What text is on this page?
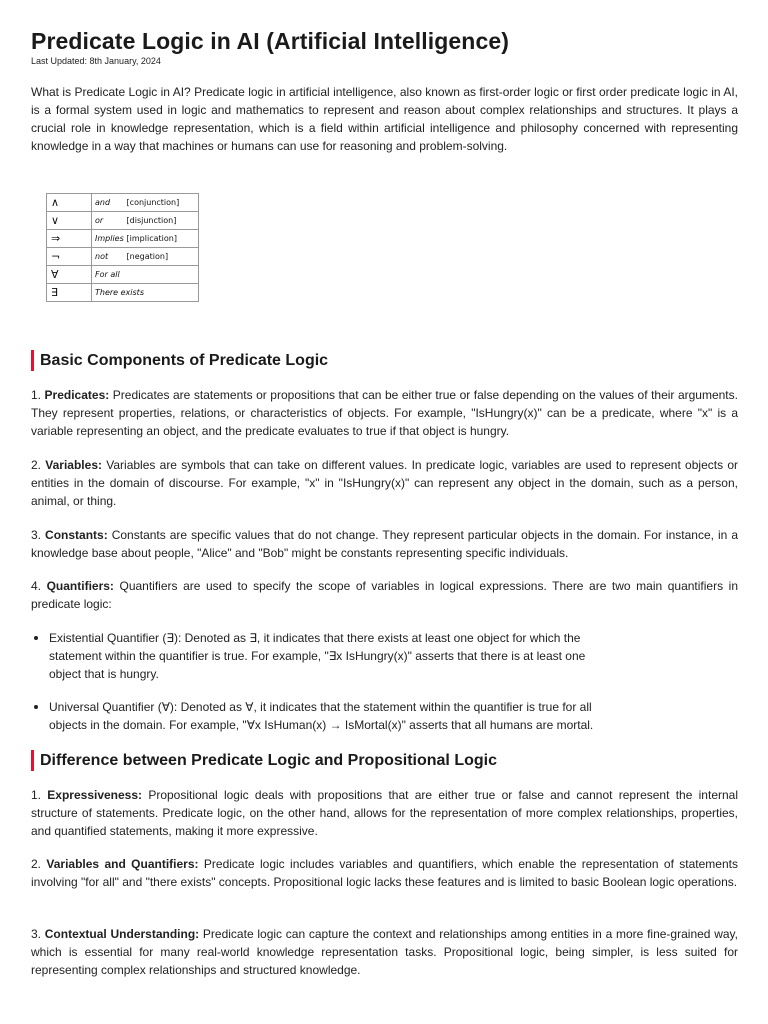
Predicate Logic in AI (Artificial Intelligence)
Last Updated: 8th January, 2024

What is Predicate Logic in AI? Predicate logic in artificial intelligence, also known as first-order logic or first order predicate logic in AI, is a formal system used in logic and mathematics to represent and reason about complex relationships and structures. It plays a crucial role in knowledge representation, which is a field within artificial intelligence and philosophy concerned with representing knowledge in a way that machines or humans can use for reasoning and problem-solving.

∧	and [conjunction]
∨	or [disjunction]
⇒	Implies [implication]
¬	not [negation]
∀	For all
∃	There exists
Basic Components of Predicate Logic

1. Predicates: Predicates are statements or propositions that can be either true or false depending on the values of their arguments. They represent properties, relations, or characteristics of objects. For example, "IsHungry(x)" can be a predicate, where "x" is a variable representing an object, and the predicate evaluates to true if that object is hungry.

2. Variables: Variables are symbols that can take on different values. In predicate logic, variables are used to represent objects or entities in the domain of discourse. For example, "x" in "IsHungry(x)" can represent any object in the domain, such as a person, animal, or thing.

3. Constants: Constants are specific values that do not change. They represent particular objects in the domain. For instance, in a knowledge base about people, "Alice" and "Bob" might be constants representing specific individuals.

4. Quantifiers: Quantifiers are used to specify the scope of variables in logical expressions. There are two main quantifiers in predicate logic:

Existential Quantifier (∃): Denoted as ∃, it indicates that there exists at least one object for which the statement within the quantifier is true. For example, "∃x IsHungry(x)" asserts that there is at least one object that is hungry.
Universal Quantifier (∀): Denoted as ∀, it indicates that the statement within the quantifier is true for all objects in the domain. For example, "∀x IsHuman(x) → IsMortal(x)" asserts that all humans are mortal.
Difference between Predicate Logic and Propositional Logic

1. Expressiveness: Propositional logic deals with propositions that are either true or false and cannot represent the internal structure of statements. Predicate logic, on the other hand, allows for the representation of more complex relationships, properties, and quantified statements, making it more expressive.

2. Variables and Quantifiers: Predicate logic includes variables and quantifiers, which enable the representation of statements involving "for all" and "there exists" concepts. Propositional logic lacks these features and is limited to basic Boolean logic operations.

3. Contextual Understanding: Predicate logic can capture the context and relationships among entities in a more fine-grained way, which is essential for many real-world knowledge representation tasks. Propositional logic, being simpler, is less suited for representing complex relationships and structured knowledge.
